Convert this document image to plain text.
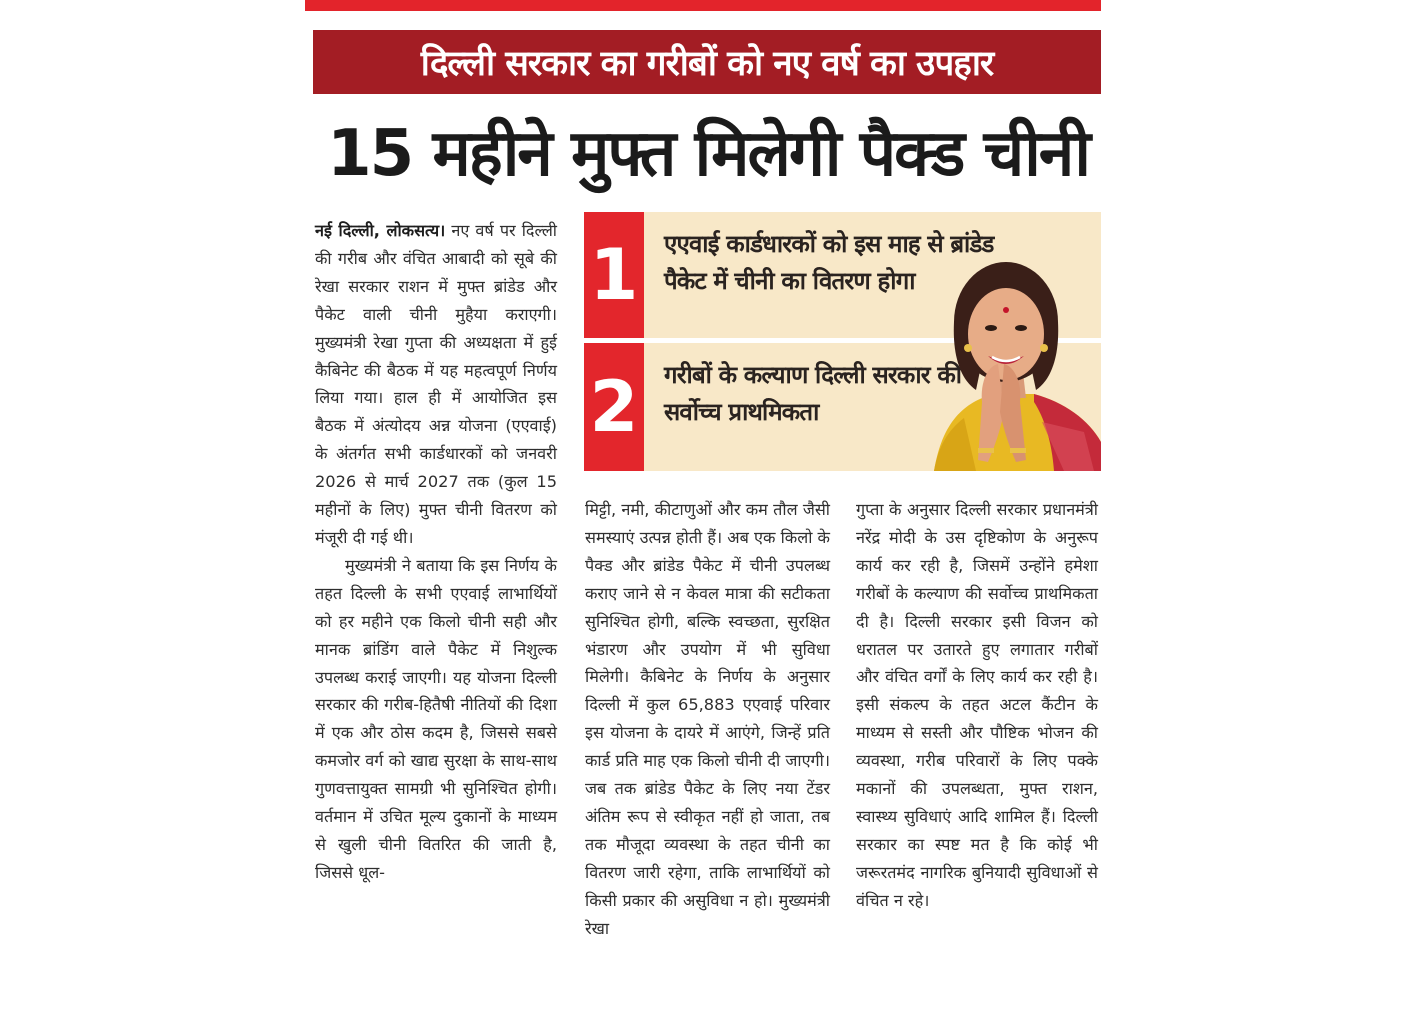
दिल्ली सरकार का गरीबों को नए वर्ष का उपहार
15 महीने मुफ्त मिलेगी पैक्ड चीनी

नई दिल्ली, लोकसत्य। नए वर्ष पर दिल्ली की गरीब और वंचित आबादी को सूबे की रेखा सरकार राशन में मुफ्त ब्रांडेड और पैकेट वाली चीनी मुहैया कराएगी। मुख्यमंत्री रेखा गुप्ता की अध्यक्षता में हुई कैबिनेट की बैठक में यह महत्वपूर्ण निर्णय लिया गया। हाल ही में आयोजित इस बैठक में अंत्योदय अन्न योजना (एएवाई) के अंतर्गत सभी कार्डधारकों को जनवरी 2026 से मार्च 2027 तक (कुल 15 महीनों के लिए) मुफ्त चीनी वितरण को मंजूरी दी गई थी।

मुख्यमंत्री ने बताया कि इस निर्णय के तहत दिल्ली के सभी एएवाई लाभार्थियों को हर महीने एक किलो चीनी सही और मानक ब्रांडिंग वाले पैकेट में निशुल्क उपलब्ध कराई जाएगी। यह योजना दिल्ली सरकार की गरीब-हितैषी नीतियों की दिशा में एक और ठोस कदम है, जिससे सबसे कमजोर वर्ग को खाद्य सुरक्षा के साथ-साथ गुणवत्तायुक्त सामग्री भी सुनिश्चित होगी। वर्तमान में उचित मूल्य दुकानों के माध्यम से खुली चीनी वितरित की जाती है, जिससे धूल-

1 एएवाई कार्डधारकों को इस माह से ब्रांडेड पैकेट में चीनी का वितरण होगा
2 गरीबों के कल्याण दिल्ली सरकार की सर्वोच्च प्राथमिकता

मिट्टी, नमी, कीटाणुओं और कम तौल जैसी समस्याएं उत्पन्न होती हैं। अब एक किलो के पैक्ड और ब्रांडेड पैकेट में चीनी उपलब्ध कराए जाने से न केवल मात्रा की सटीकता सुनिश्चित होगी, बल्कि स्वच्छता, सुरक्षित भंडारण और उपयोग में भी सुविधा मिलेगी। कैबिनेट के निर्णय के अनुसार दिल्ली में कुल 65,883 एएवाई परिवार इस योजना के दायरे में आएंगे, जिन्हें प्रति कार्ड प्रति माह एक किलो चीनी दी जाएगी। जब तक ब्रांडेड पैकेट के लिए नया टेंडर अंतिम रूप से स्वीकृत नहीं हो जाता, तब तक मौजूदा व्यवस्था के तहत चीनी का वितरण जारी रहेगा, ताकि लाभार्थियों को किसी प्रकार की असुविधा न हो। मुख्यमंत्री रेखा

गुप्ता के अनुसार दिल्ली सरकार प्रधानमंत्री नरेंद्र मोदी के उस दृष्टिकोण के अनुरूप कार्य कर रही है, जिसमें उन्होंने हमेशा गरीबों के कल्याण की सर्वोच्च प्राथमिकता दी है। दिल्ली सरकार इसी विजन को धरातल पर उतारते हुए लगातार गरीबों और वंचित वर्गों के लिए कार्य कर रही है। इसी संकल्प के तहत अटल कैंटीन के माध्यम से सस्ती और पौष्टिक भोजन की व्यवस्था, गरीब परिवारों के लिए पक्के मकानों की उपलब्धता, मुफ्त राशन, स्वास्थ्य सुविधाएं आदि शामिल हैं। दिल्ली सरकार का स्पष्ट मत है कि कोई भी जरूरतमंद नागरिक बुनियादी सुविधाओं से वंचित न रहे।
